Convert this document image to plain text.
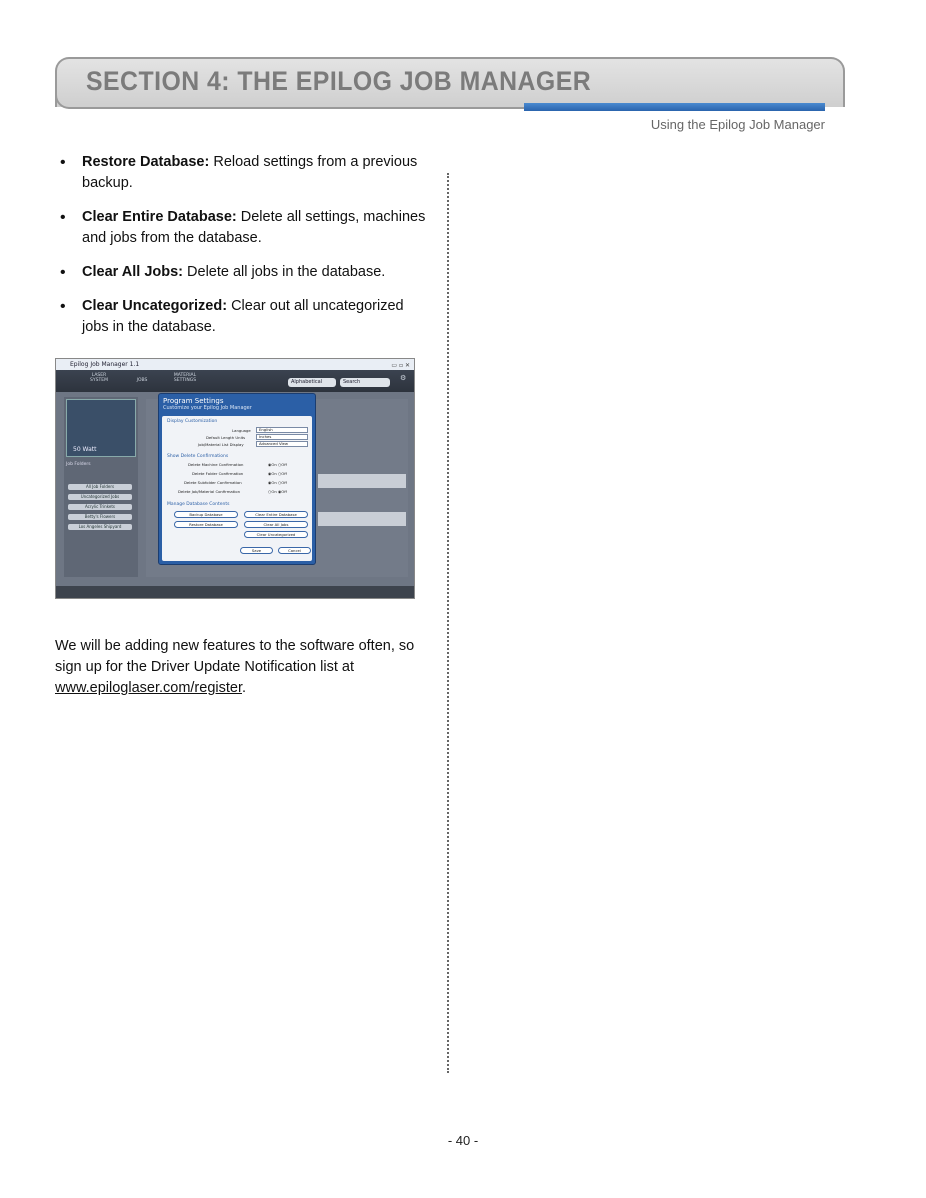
SECTION 4: THE EPILOG JOB MANAGER
Using the Epilog Job Manager
• Restore Database: Reload settings from a previous backup.
• Clear Entire Database: Delete all settings, machines and jobs from the database.
• Clear All Jobs: Delete all jobs in the database.
• Clear Uncategorized: Clear out all uncategorized jobs in the database.
Epilog Job Manager 1.1	▭ ▫ ✕
LASER SYSTEM	JOBS
MATERIAL SETTINGS	Alphabetical	Search	⚙
50 Watt
Job Folders
All Job Folders
Uncategorized Jobs
Acrylic Trinkets
Betty's Flowers
Los Angeles Shipyard
Program Settings
Customize your Epilog Job Manager
Display Customization
Language	English
Default Length Units	Inches
Job/Material List Display	Advanced View
Show Delete Confirmations
Delete Machine Confirmation	◉On ○Off
Delete Folder Confirmation	◉On ○Off
Delete Subfolder Confirmation	◉On ○Off
Delete Job/Material Confirmation	○On ◉Off
Manage Database Contents
Backup Database	Clear Entire Database
Restore Database	Clear All Jobs
Clear Uncategorized
Save	Cancel

We will be adding new features to the software often, so sign up for the Driver Update Notification list at www.epiloglaser.com/register.

- 40 -
